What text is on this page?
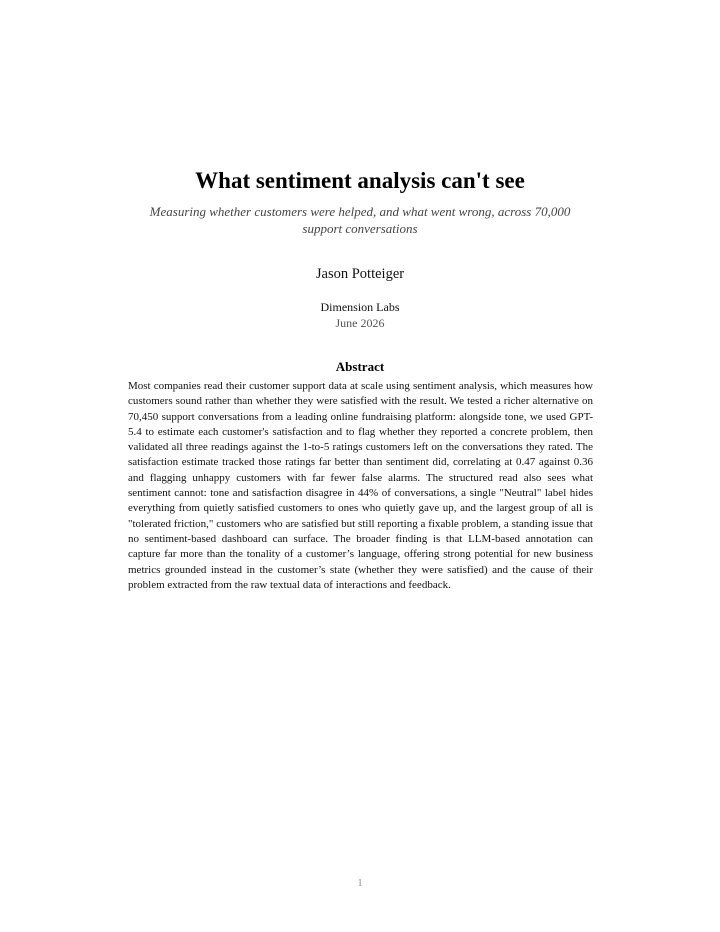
What sentiment analysis can't see
Measuring whether customers were helped, and what went wrong, across 70,000 support conversations
Jason Potteiger
Dimension Labs
June 2026
Abstract
Most companies read their customer support data at scale using sentiment analysis, which measures how customers sound rather than whether they were satisfied with the result. We tested a richer alternative on 70,450 support conversations from a leading online fundraising platform: alongside tone, we used GPT-5.4 to estimate each customer's satisfaction and to flag whether they reported a concrete problem, then validated all three readings against the 1-to-5 ratings customers left on the conversations they rated. The satisfaction estimate tracked those ratings far better than sentiment did, correlating at 0.47 against 0.36 and flagging unhappy customers with far fewer false alarms. The structured read also sees what sentiment cannot: tone and satisfaction disagree in 44% of conversations, a single "Neutral" label hides everything from quietly satisfied customers to ones who quietly gave up, and the largest group of all is "tolerated friction," customers who are satisfied but still reporting a fixable problem, a standing issue that no sentiment-based dashboard can surface. The broader finding is that LLM-based annotation can capture far more than the tonality of a customer’s language, offering strong potential for new business metrics grounded instead in the customer’s state (whether they were satisfied) and the cause of their problem extracted from the raw textual data of interactions and feedback.
1
